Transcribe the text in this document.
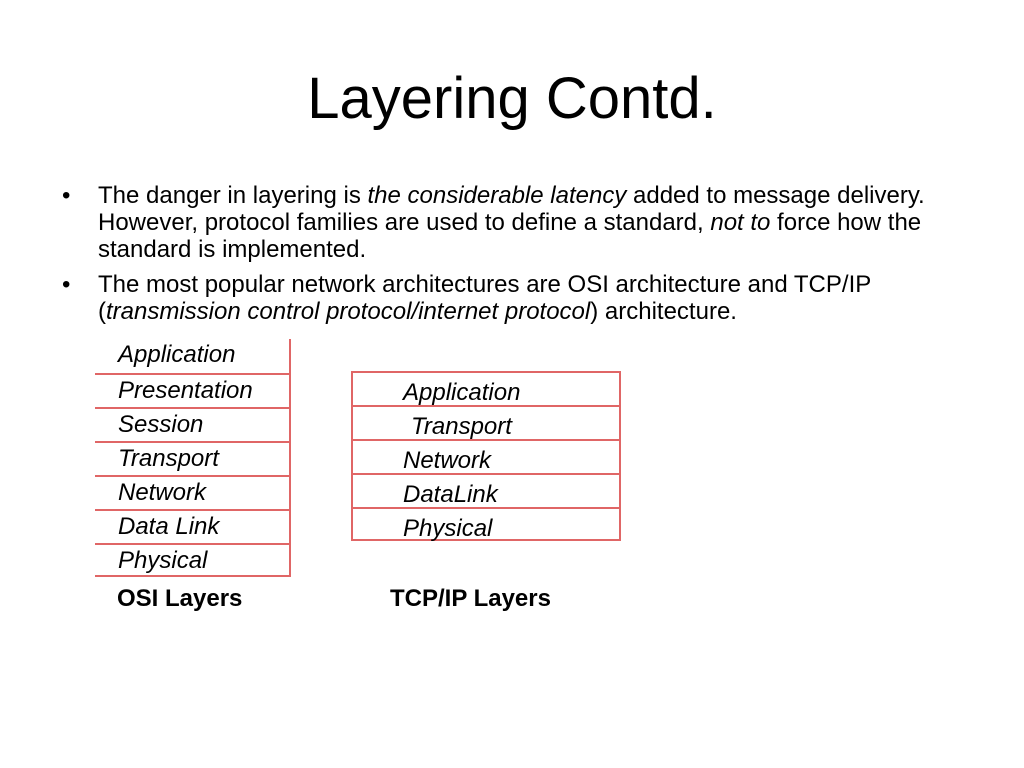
Layering Contd.
• The danger in layering is the considerable latency added to message delivery. However, protocol families are used to define a standard, not to force how the standard is implemented.
• The most popular network architectures are OSI architecture and TCP/IP (transmission control protocol/internet protocol) architecture.
Application
Presentation
Session
Transport
Network
Data Link
Physical
Application
Transport
Network
DataLink
Physical
OSI Layers	TCP/IP Layers
